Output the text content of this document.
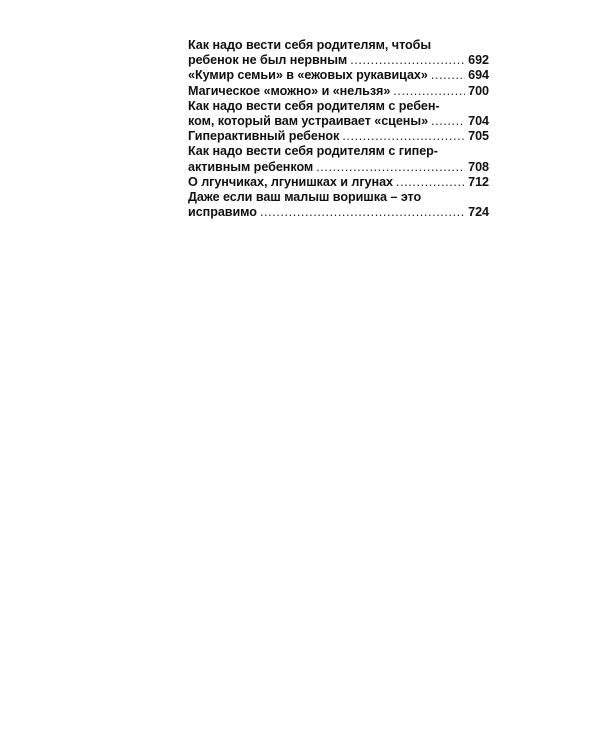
Как надо вести себя родителям, чтобы
ребенок не был нервным .....	692
«Кумир семьи» в «ежовых рукавицах» .....	694
Магическое «можно» и «нельзя» .....	700
Как надо вести себя родителям с ребен-
ком, который вам устраивает «сцены» .....	704
Гиперактивный ребенок .....	705
Как надо вести себя родителям с гипер-
активным ребенком .....	708
О лгунчиках, лгунишках и лгунах .....	712
Даже если ваш малыш воришка – это
исправимо .....	724
